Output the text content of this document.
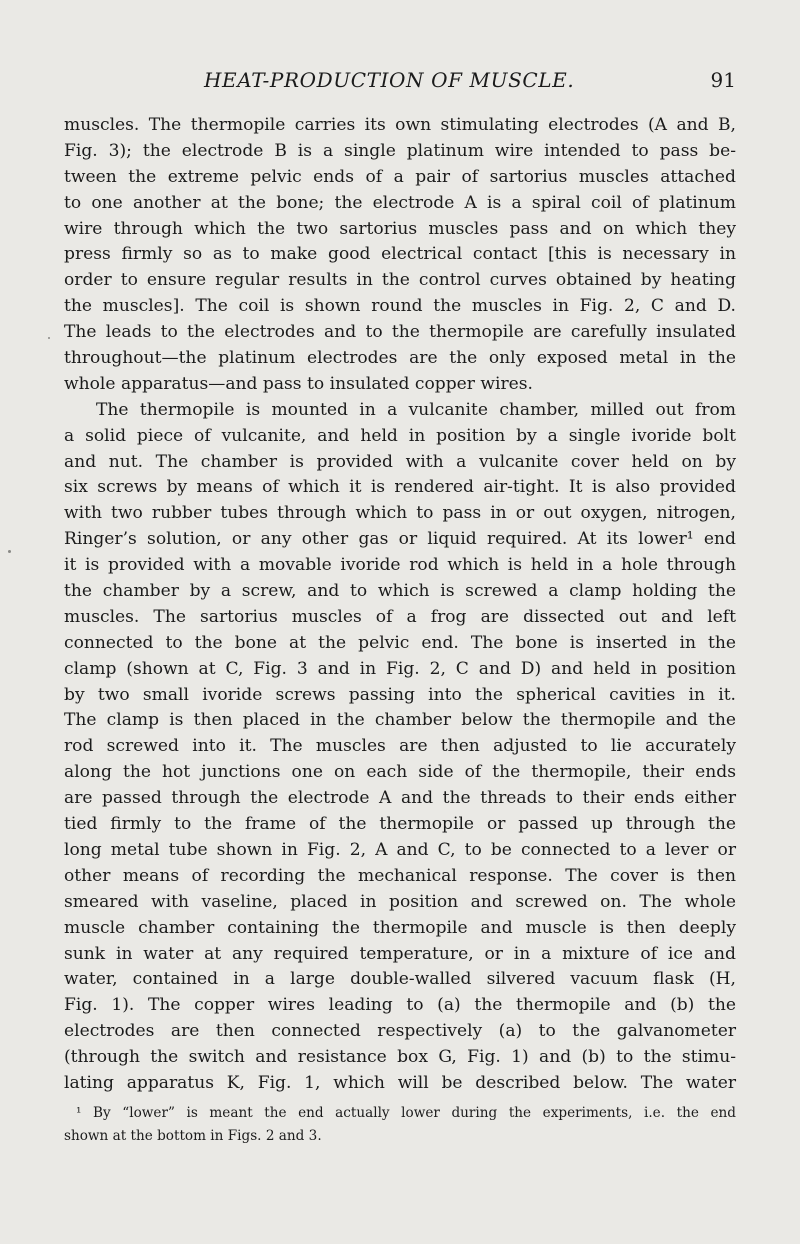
HEAT-PRODUCTION OF MUSCLE.	91
muscles. The thermopile carries its own stimulating electrodes (A and B,
Fig. 3); the electrode B is a single platinum wire intended to pass be-
tween the extreme pelvic ends of a pair of sartorius muscles attached
to one another at the bone; the electrode A is a spiral coil of platinum
wire through which the two sartorius muscles pass and on which they
press firmly so as to make good electrical contact [this is necessary in
order to ensure regular results in the control curves obtained by heating
the muscles]. The coil is shown round the muscles in Fig. 2, C and D.
The leads to the electrodes and to the thermopile are carefully insulated
throughout—the platinum electrodes are the only exposed metal in the
whole apparatus—and pass to insulated copper wires.
The thermopile is mounted in a vulcanite chamber, milled out from
a solid piece of vulcanite, and held in position by a single ivoride bolt
and nut. The chamber is provided with a vulcanite cover held on by
six screws by means of which it is rendered air-tight. It is also provided
with two rubber tubes through which to pass in or out oxygen, nitrogen,
Ringer’s solution, or any other gas or liquid required. At its lower¹ end
it is provided with a movable ivoride rod which is held in a hole through
the chamber by a screw, and to which is screwed a clamp holding the
muscles. The sartorius muscles of a frog are dissected out and left
connected to the bone at the pelvic end. The bone is inserted in the
clamp (shown at C, Fig. 3 and in Fig. 2, C and D) and held in position
by two small ivoride screws passing into the spherical cavities in it.
The clamp is then placed in the chamber below the thermopile and the
rod screwed into it. The muscles are then adjusted to lie accurately
along the hot junctions one on each side of the thermopile, their ends
are passed through the electrode A and the threads to their ends either
tied firmly to the frame of the thermopile or passed up through the
long metal tube shown in Fig. 2, A and C, to be connected to a lever or
other means of recording the mechanical response. The cover is then
smeared with vaseline, placed in position and screwed on. The whole
muscle chamber containing the thermopile and muscle is then deeply
sunk in water at any required temperature, or in a mixture of ice and
water, contained in a large double-walled silvered vacuum flask (H,
Fig. 1). The copper wires leading to (a) the thermopile and (b) the
electrodes are then connected respectively (a) to the galvanometer
(through the switch and resistance box G, Fig. 1) and (b) to the stimu-
lating apparatus K, Fig. 1, which will be described below. The water
¹ By “lower” is meant the end actually lower during the experiments, i.e. the end
shown at the bottom in Figs. 2 and 3.
